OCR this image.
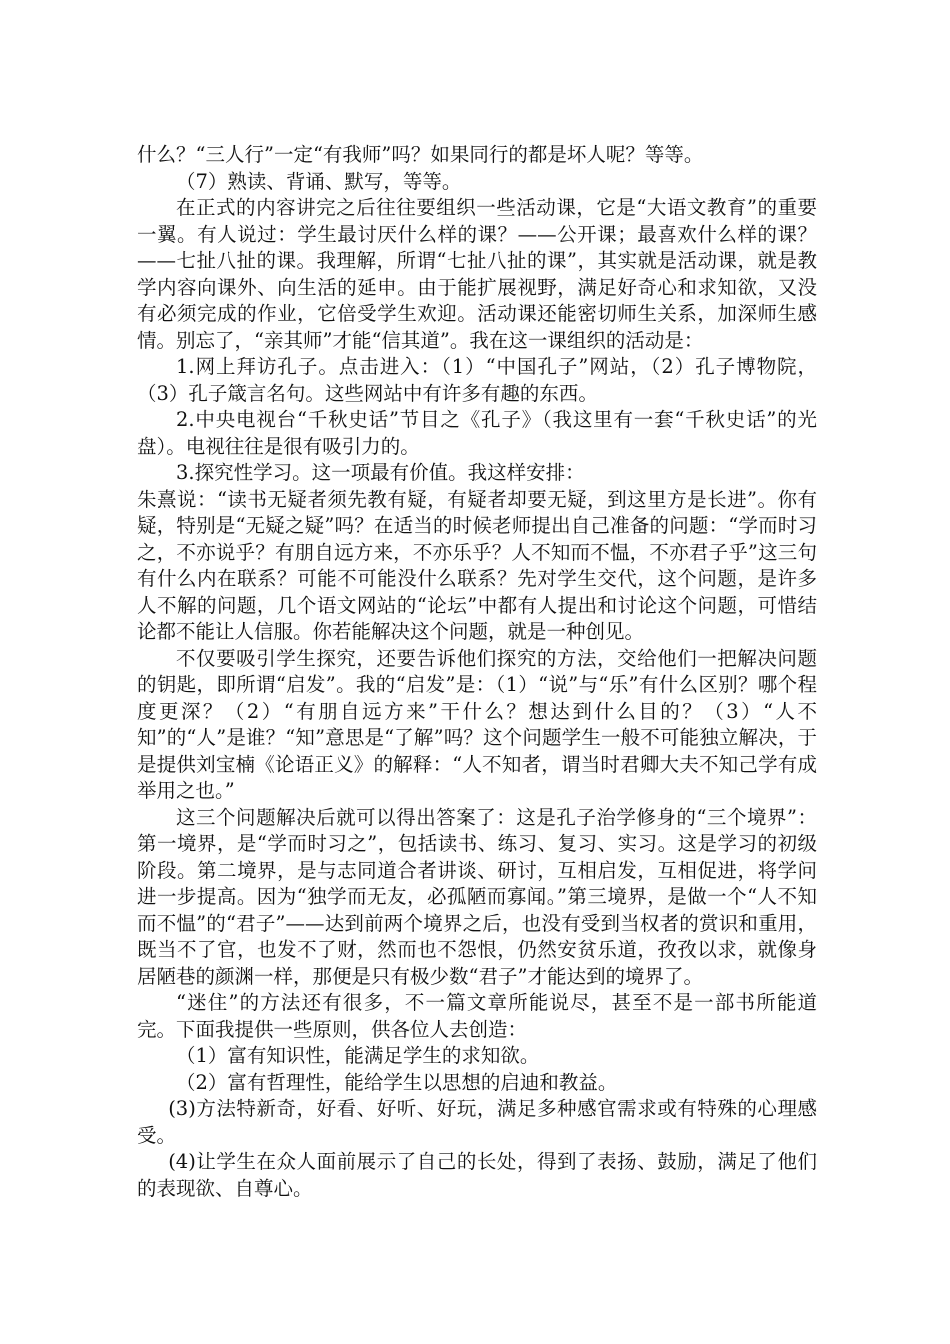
什么？“三人行”一定“有我师”吗？如果同行的都是坏人呢？等等。

（7）熟读、背诵、默写，等等。

在正式的内容讲完之后往往要组织一些活动课，它是“大语文教育”的重要一翼。有人说过：学生最讨厌什么样的课？——公开课；最喜欢什么样的课？——七扯八扯的课。我理解，所谓“七扯八扯的课”，其实就是活动课，就是教学内容向课外、向生活的延申。由于能扩展视野，满足好奇心和求知欲，又没有必须完成的作业，它倍受学生欢迎。活动课还能密切师生关系，加深师生感情。别忘了，“亲其师”才能“信其道”。我在这一课组织的活动是：

1.网上拜访孔子。点击进入：（1）“中国孔子”网站，（2）孔子博物院，（3）孔子箴言名句。这些网站中有许多有趣的东西。

2.中央电视台“千秋史话”节目之《孔子》（我这里有一套“千秋史话”的光盘）。电视往往是很有吸引力的。

3.探究性学习。这一项最有价值。我这样安排：

朱熹说：“读书无疑者须先教有疑，有疑者却要无疑，到这里方是长进”。你有疑，特别是“无疑之疑”吗？在适当的时候老师提出自己准备的问题：“学而时习之，不亦说乎？有朋自远方来，不亦乐乎？人不知而不愠，不亦君子乎”这三句有什么内在联系？可能不可能没什么联系？先对学生交代，这个问题，是许多人不解的问题，几个语文网站的“论坛”中都有人提出和讨论这个问题，可惜结论都不能让人信服。你若能解决这个问题，就是一种创见。

不仅要吸引学生探究，还要告诉他们探究的方法，交给他们一把解决问题的钥匙，即所谓“启发”。我的“启发”是：（1）“说”与“乐”有什么区别？哪个程度更深？（2）“有朋自远方来”干什么？想达到什么目的？（3）“人不知”的“人”是谁？“知”意思是“了解”吗？这个问题学生一般不可能独立解决，于是提供刘宝楠《论语正义》的解释：“人不知者，谓当时君卿大夫不知己学有成举用之也。”

这三个问题解决后就可以得出答案了：这是孔子治学修身的“三个境界”：第一境界，是“学而时习之”，包括读书、练习、复习、实习。这是学习的初级阶段。第二境界，是与志同道合者讲谈、研讨，互相启发，互相促进，将学问进一步提高。因为“独学而无友，必孤陋而寡闻。”第三境界，是做一个“人不知而不愠”的“君子”——达到前两个境界之后，也没有受到当权者的赏识和重用，既当不了官，也发不了财，然而也不怨恨，仍然安贫乐道，孜孜以求，就像身居陋巷的颜渊一样，那便是只有极少数“君子”才能达到的境界了。

“迷住”的方法还有很多，不一篇文章所能说尽，甚至不是一部书所能道完。下面我提供一些原则，供各位人去创造：

（1）富有知识性，能满足学生的求知欲。

（2）富有哲理性，能给学生以思想的启迪和教益。

(3)方法特新奇，好看、好听、好玩，满足多种感官需求或有特殊的心理感受。

(4)让学生在众人面前展示了自己的长处，得到了表扬、鼓励，满足了他们的表现欲、自尊心。
